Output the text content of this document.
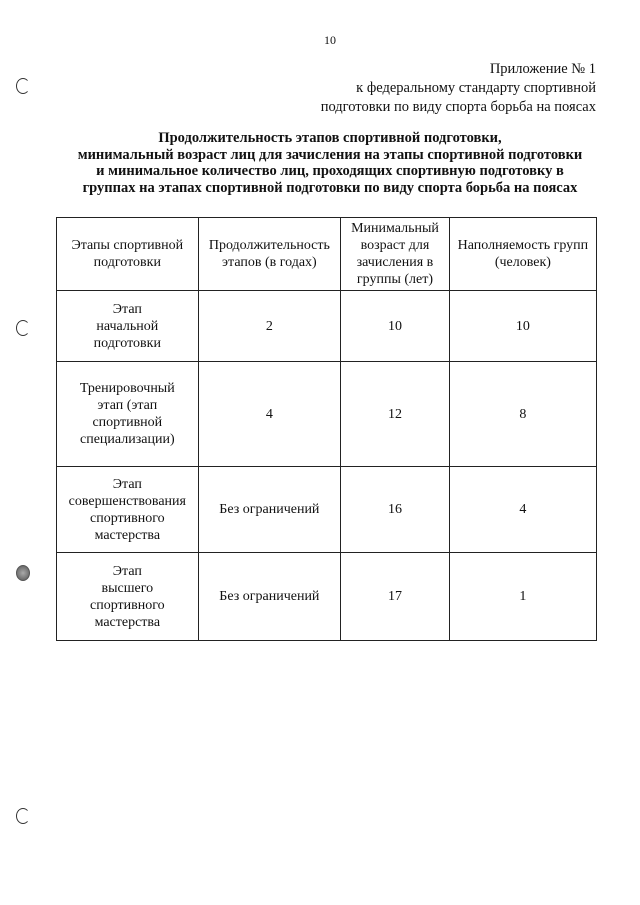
10
Приложение № 1
к федеральному стандарту спортивной
подготовки по виду спорта борьба на поясах
Продолжительность этапов спортивной подготовки,
минимальный возраст лиц для зачисления на этапы спортивной подготовки
и минимальное количество лиц, проходящих спортивную подготовку в
группах на этапах спортивной подготовки по виду спорта борьба на поясах
Этапы спортивной подготовки	Продолжительность этапов (в годах)	Минимальный возраст для зачисления в группы (лет)	Наполняемость групп (человек)

Этап
начальной
подготовки	2	10	10

Тренировочный
этап (этап
спортивной
специализации)	4	12	8

Этап
совершенствования
спортивного
мастерства	Без ограничений	16	4

Этап
высшего
спортивного
мастерства	Без ограничений	17	1
